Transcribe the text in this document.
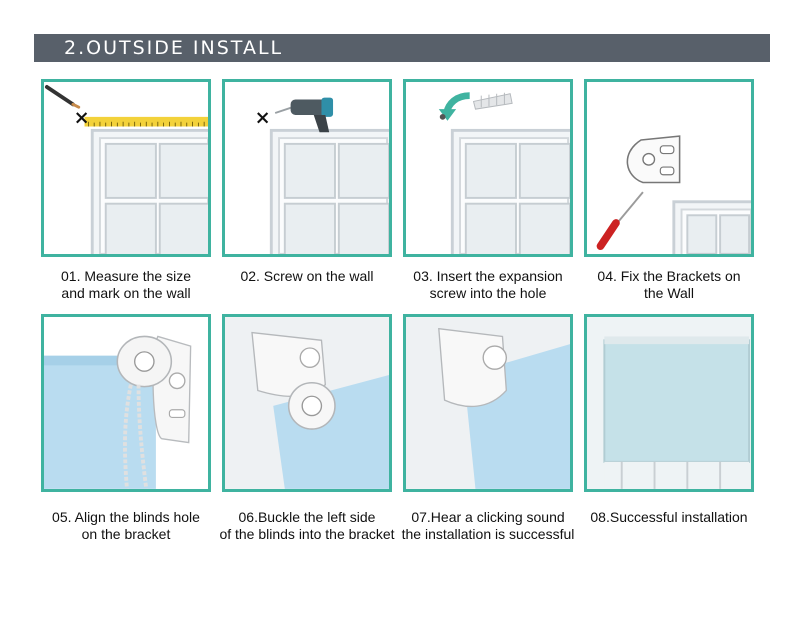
2.OUTSIDE INSTALL
01. Measure the size
and mark on the wall
02. Screw on the wall	03. Insert the expansion
screw into the hole
04. Fix the Brackets on
the Wall
05. Align the blinds hole
on the bracket
06.Buckle the left side
of the blinds into the bracket
07.Hear a clicking sound
the installation is successful
08.Successful installation
